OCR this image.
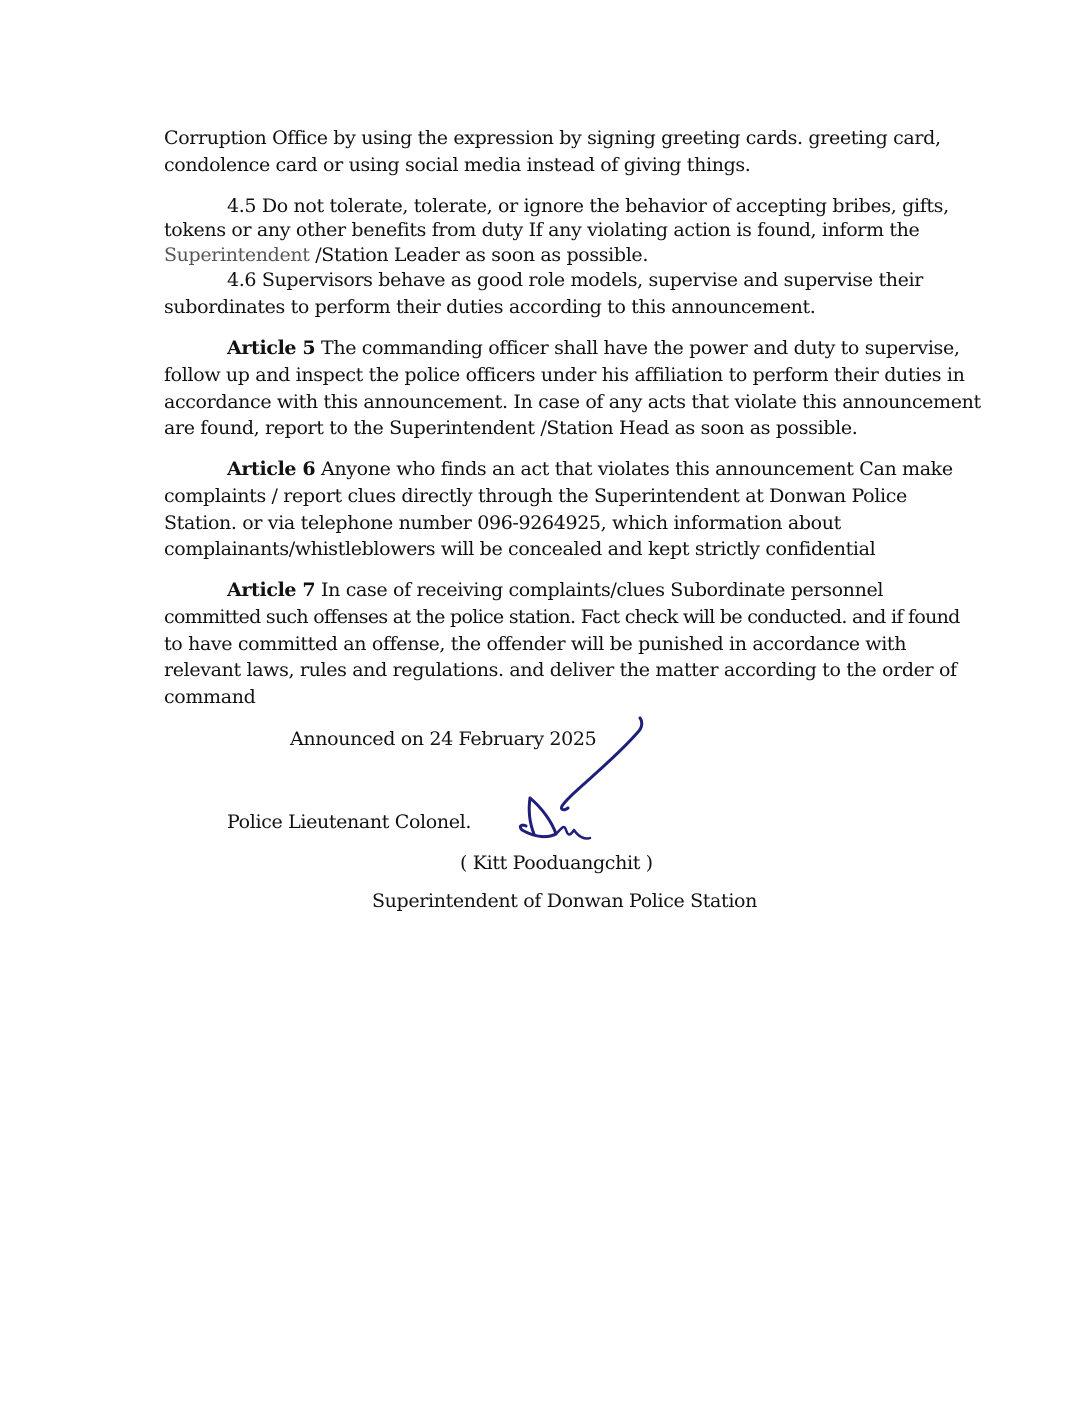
Corruption Office by using the expression by signing greeting cards. greeting card,
condolence card or using social media instead of giving things.
4.5 Do not tolerate, tolerate, or ignore the behavior of accepting bribes, gifts,
tokens or any other benefits from duty If any violating action is found, inform the
Superintendent /Station Leader as soon as possible.
4.6 Supervisors behave as good role models, supervise and supervise their
subordinates to perform their duties according to this announcement.
Article 5 The commanding officer shall have the power and duty to supervise,
follow up and inspect the police officers under his affiliation to perform their duties in
accordance with this announcement. In case of any acts that violate this announcement
are found, report to the Superintendent /Station Head as soon as possible.
Article 6 Anyone who finds an act that violates this announcement Can make
complaints / report clues directly through the Superintendent at Donwan Police
Station. or via telephone number 096-9264925, which information about
complainants/whistleblowers will be concealed and kept strictly confidential
Article 7 In case of receiving complaints/clues Subordinate personnel
committed such offenses at the police station. Fact check will be conducted. and if found
to have committed an offense, the offender will be punished in accordance with
relevant laws, rules and regulations. and deliver the matter according to the order of
command
Announced on 24 February 2025
Police Lieutenant Colonel.
( Kitt Pooduangchit )
Superintendent of Donwan Police Station
